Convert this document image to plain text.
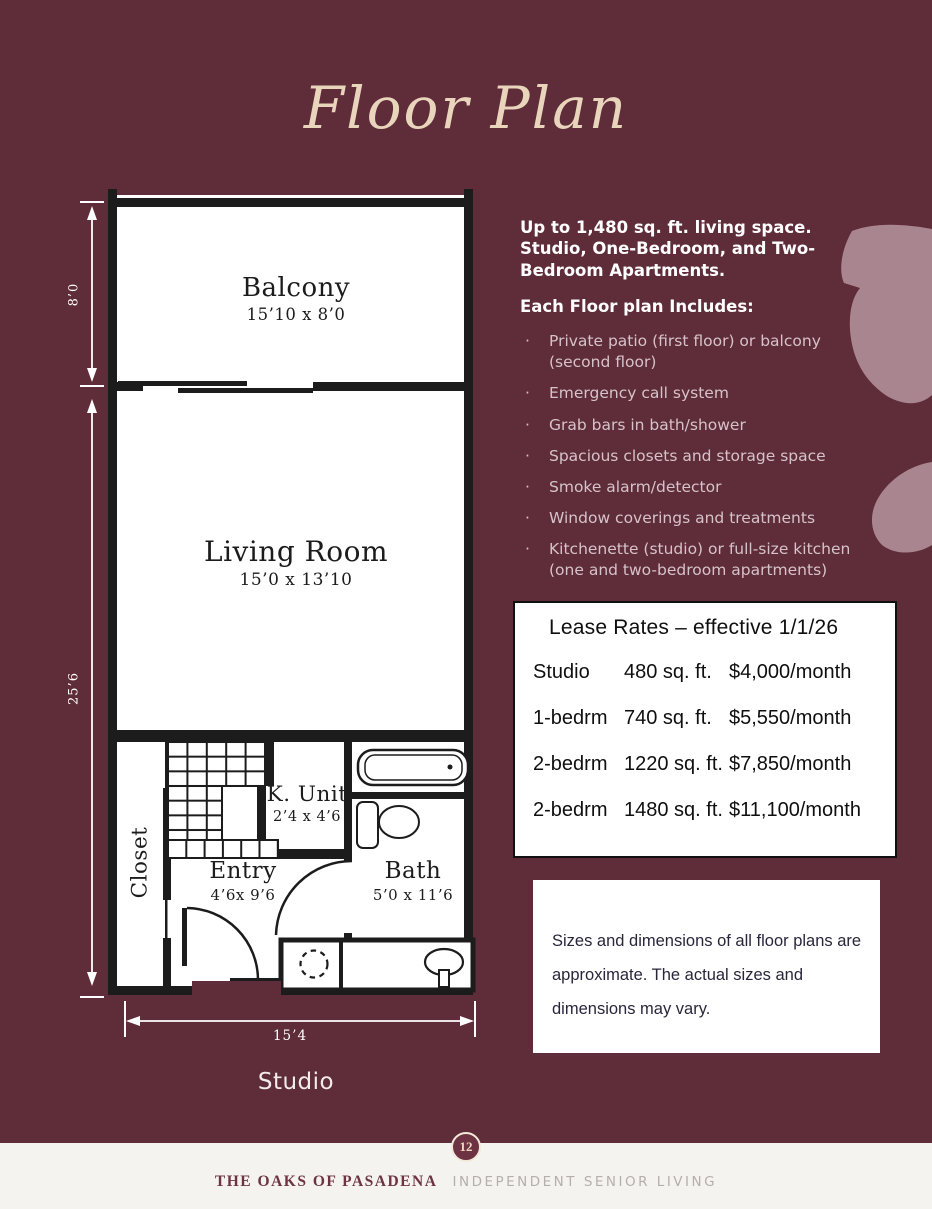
Floor Plan
Balcony
15’10 x 8’0
Living Room
15’0 x 13’10
K. Unit
2’4 x 4’6
Entry
4’6x 9’6
Bath
5’0 x 11’6
Closet
8’0
25’6
15’4
Studio
Up to 1,480 sq. ft. living space. Studio, One-Bedroom, and Two-Bedroom Apartments.
Each Floor plan Includes:
·	Private patio (first floor) or balcony (second floor)
·	Emergency call system
·	Grab bars in bath/shower
·	Spacious closets and storage space
·	Smoke alarm/detector
·	Window coverings and treatments
·	Kitchenette (studio) or full-size kitchen (one and two-bedroom apartments)
Lease Rates – effective 1/1/26
Studio	480 sq. ft. $4,000/month
1-bedrm 740 sq. ft. $5,550/month
2-bedrm 1220 sq. ft. $7,850/month
2-bedrm 1480 sq. ft. $11,100/month

Sizes and dimensions of all floor plans are approximate. The actual sizes and dimensions may vary.

12
THE OAKS OF PASADENA INDEPENDENT SENIOR LIVING
